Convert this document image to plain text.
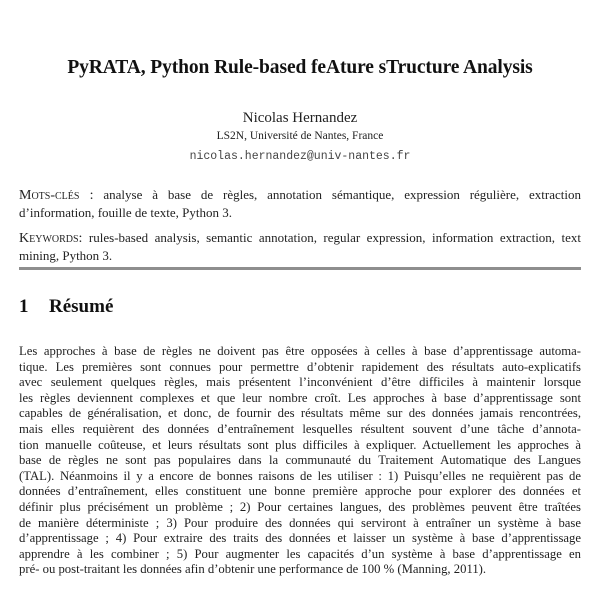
PyRATA, Python Rule-based feAture sTructure Analysis
Nicolas Hernandez
LS2N, Université de Nantes, France
nicolas.hernandez@univ-nantes.fr
Mots-clés : analyse à base de règles, annotation sémantique, expression régulière, extraction d’information, fouille de texte, Python 3.
Keywords: rules-based analysis, semantic annotation, regular expression, information extraction, text mining, Python 3.
1 Résumé
Les approches à base de règles ne doivent pas être opposées à celles à base d’apprentissage automa-
tique. Les premières sont connues pour permettre d’obtenir rapidement des résultats auto-explicatifs
avec seulement quelques règles, mais présentent l’inconvénient d’être difficiles à maintenir lorsque
les règles deviennent complexes et que leur nombre croît. Les approches à base d’apprentissage sont
capables de généralisation, et donc, de fournir des résultats même sur des données jamais rencontrées,
mais elles requièrent des données d’entraînement lesquelles résultent souvent d’une tâche d’annota-
tion manuelle coûteuse, et leurs résultats sont plus difficiles à expliquer. Actuellement les approches à
base de règles ne sont pas populaires dans la communauté du Traitement Automatique des Langues
(TAL). Néanmoins il y a encore de bonnes raisons de les utiliser : 1) Puisqu’elles ne requièrent pas de
données d’entraînement, elles constituent une bonne première approche pour explorer des données et
définir plus précisément un problème ; 2) Pour certaines langues, des problèmes peuvent être traîtées
de manière déterministe ; 3) Pour produire des données qui serviront à entraîner un système à base
d’apprentissage ; 4) Pour extraire des traits des données et laisser un système à base d’apprentissage
apprendre à les combiner ; 5) Pour augmenter les capacités d’un système à base d’apprentissage en
pré- ou post-traitant les données afin d’obtenir une performance de 100 % (Manning, 2011).
